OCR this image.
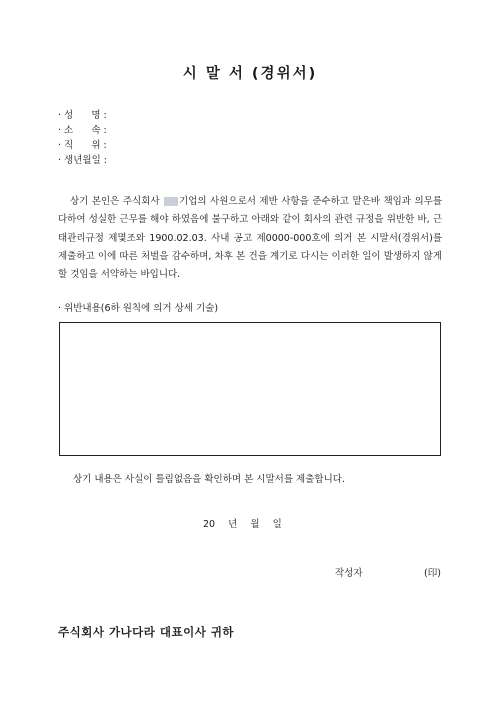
시 말 서 (경위서)
· 성      명 :
· 소      속 :
· 직      위 :
· 생년월일 :
상기 본인은 주식회사 기업의 사원으로서 제반 사항을 준수하고 맡은바 책임과 의무를 다하여 성실한 근무를 해야 하였음에 불구하고 아래와 같이 회사의 관련 규정을 위반한 바, 근태관리규정 제몇조와 1900.02.03. 사내 공고 제0000-000호에 의거 본 시말서(경위서)를 제출하고 이에 따른 처벌을 감수하며, 차후 본 건을 계기로 다시는 이러한 일이 발생하지 않게 할 것임을 서약하는 바입니다.
· 위반내용(6하 원칙에 의거 상세 기술)
상기 내용은 사실이 틀림없음을 확인하며 본 시말서를 제출합니다.
20 년 월 일
작성자	(印)
주식회사 가나다라 대표이사 귀하
